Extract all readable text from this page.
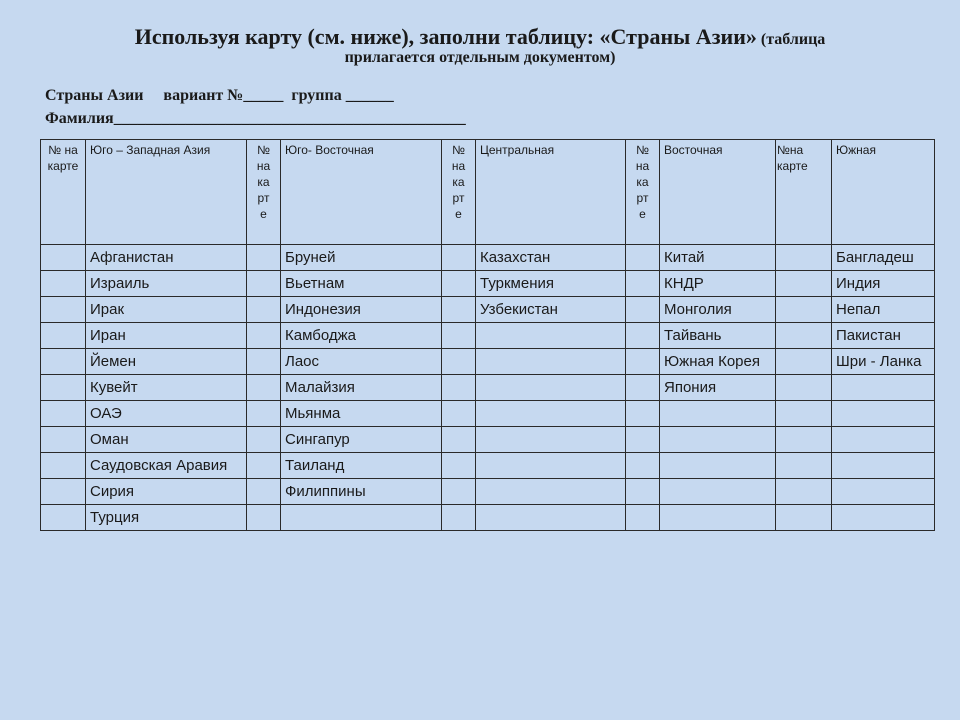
Используя карту (см. ниже), заполни таблицу: «Страны Азии» (таблица
прилагается отдельным документом)
Страны Азии     вариант №_____  группа ______
Фамилия____________________________________________
№ на карте	Юго – Западная Азия	№ на ка рт е	Юго- Восточная	№ на ка рт е	Центральная	№ на ка рт е	Восточная	№на карте	Южная
	Афганистан		Бруней		Казахстан		Китай		Бангладеш
	Израиль		Вьетнам		Туркмения		КНДР		Индия
	Ирак		Индонезия		Узбекистан		Монголия		Непал
	Иран		Камбоджа				Тайвань		Пакистан
	Йемен		Лаос				Южная Корея		Шри - Ланка
	Кувейт		Малайзия				Япония		
	ОАЭ		Мьянма						
	Оман		Сингапур						
	Саудовская Аравия		Таиланд						
	Сирия		Филиппины						
	Турция								
